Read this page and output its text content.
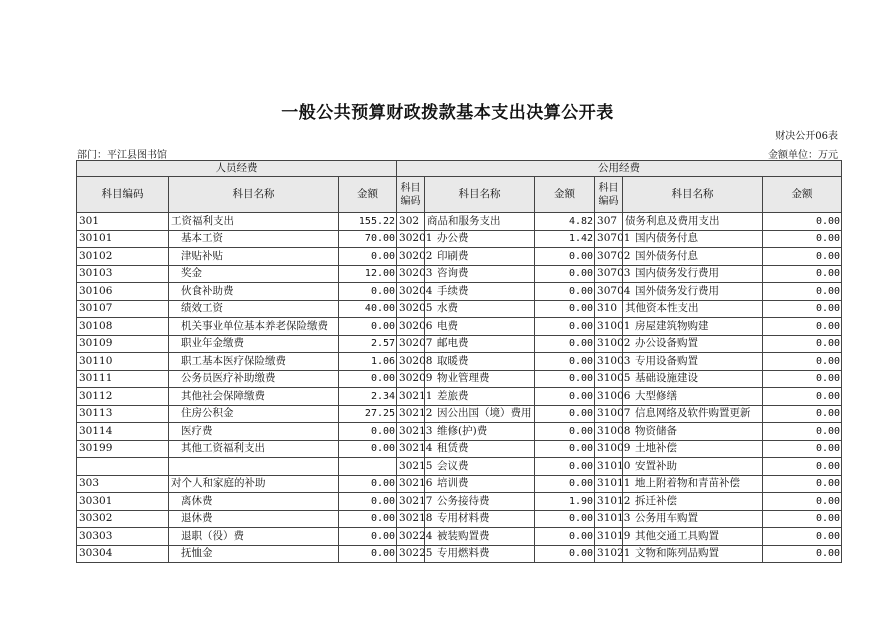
一般公共预算财政拨款基本支出决算公开表
财决公开06表
部门：平江县图书馆	金额单位：万元
人员经费			公用经费					
科目编码	科目名称	金额	科目编码	科目名称	金额	科目编码	科目名称	金额
301	工资福利支出	155.22	302	商品和服务支出	4.82	307	债务利息及费用支出	0.00
30101	基本工资	70.00	30201	办公费	1.42	30701	国内债务付息	0.00
30102	津贴补贴	0.00	30202	印刷费	0.00	30702	国外债务付息	0.00
30103	奖金	12.00	30203	咨询费	0.00	30703	国内债务发行费用	0.00
30106	伙食补助费	0.00	30204	手续费	0.00	30704	国外债务发行费用	0.00
30107	绩效工资	40.00	30205	水费	0.00	310	其他资本性支出	0.00
30108	机关事业单位基本养老保险缴费	0.00	30206	电费	0.00	31001	房屋建筑物购建	0.00
30109	职业年金缴费	2.57	30207	邮电费	0.00	31002	办公设备购置	0.00
30110	职工基本医疗保险缴费	1.06	30208	取暖费	0.00	31003	专用设备购置	0.00
30111	公务员医疗补助缴费	0.00	30209	物业管理费	0.00	31005	基础设施建设	0.00
30112	其他社会保障缴费	2.34	30211	差旅费	0.00	31006	大型修缮	0.00
30113	住房公积金	27.25	30212	因公出国（境）费用	0.00	31007	信息网络及软件购置更新	0.00
30114	医疗费	0.00	30213	维修(护)费	0.00	31008	物资储备	0.00
30199	其他工资福利支出	0.00	30214	租赁费	0.00	31009	土地补偿	0.00
			30215	会议费	0.00	31010	安置补助	0.00
303	对个人和家庭的补助	0.00	30216	培训费	0.00	31011	地上附着物和青苗补偿	0.00
30301	离休费	0.00	30217	公务接待费	1.90	31012	拆迁补偿	0.00
30302	退休费	0.00	30218	专用材料费	0.00	31013	公务用车购置	0.00
30303	退职（役）费	0.00	30224	被装购置费	0.00	31019	其他交通工具购置	0.00
30304	抚恤金	0.00	30225	专用燃料费	0.00	31021	文物和陈列品购置	0.00
